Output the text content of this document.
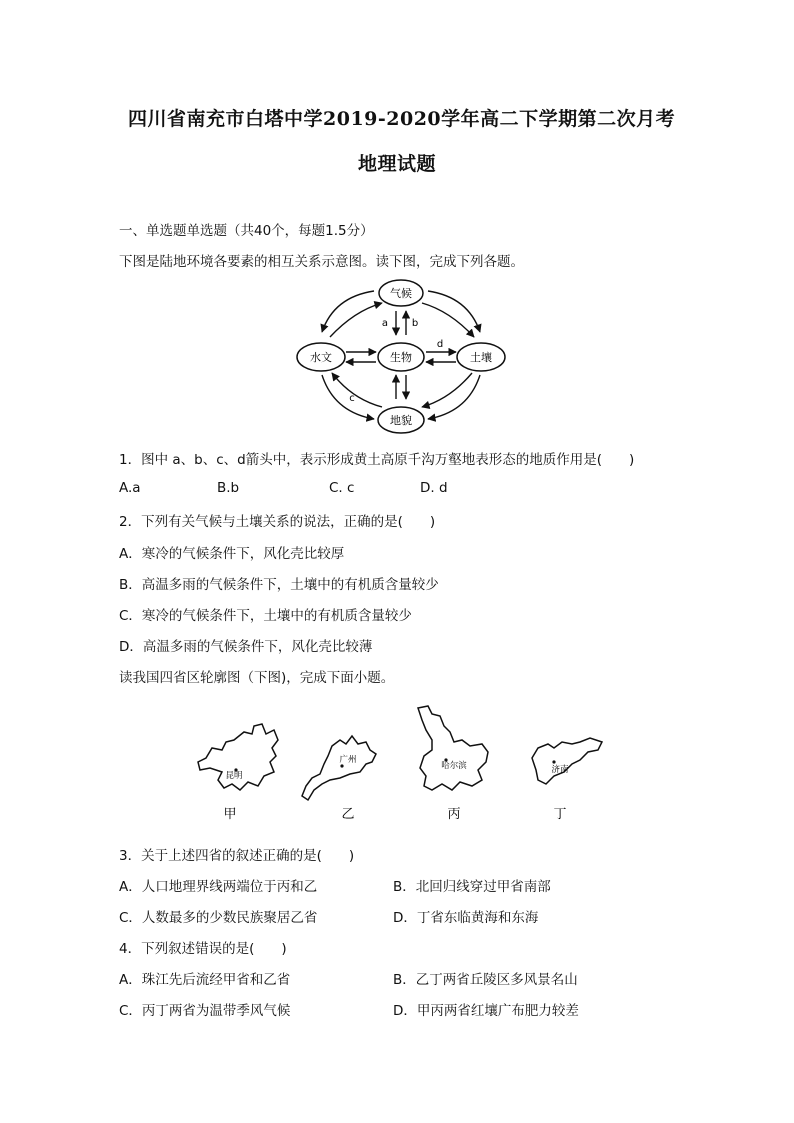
四川省南充市白塔中学2019-2020学年高二下学期第二次月考
地理试题
一、单选题单选题（共40个，每题1.5分）
下图是陆地环境各要素的相互关系示意图。读下图，完成下列各题。
气候
水文	生物	土壤
地貌
a b
c
d
1．图中 a、b、c、d箭头中，表示形成黄土高原千沟万壑地表形态的地质作用是(　　)
A.a	B.b	C. c	D. d
2．下列有关气候与土壤关系的说法，正确的是(　　)
A．寒冷的气候条件下，风化壳比较厚
B．高温多雨的气候条件下，土壤中的有机质含量较少
C．寒冷的气候条件下，土壤中的有机质含量较少
D．高温多雨的气候条件下，风化壳比较薄
读我国四省区轮廓图（下图)，完成下面小题。
昆明
甲
广州
乙
哈尔滨
丙
济南
丁
3．关于上述四省的叙述正确的是(　　)
A．人口地理界线两端位于丙和乙	B．北回归线穿过甲省南部
C．人数最多的少数民族聚居乙省	D．丁省东临黄海和东海
4．下列叙述错误的是(　　)
A．珠江先后流经甲省和乙省	B．乙丁两省丘陵区多风景名山
C．丙丁两省为温带季风气候	D．甲丙两省红壤广布肥力较差
